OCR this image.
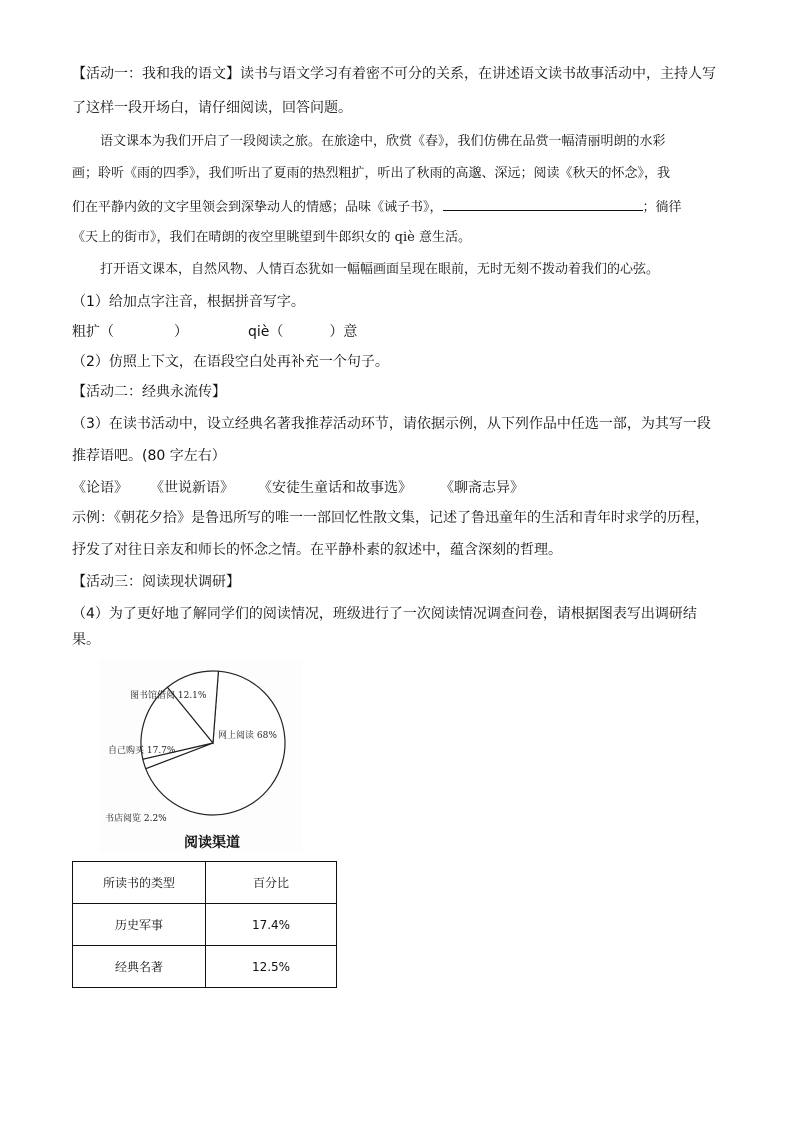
【活动一：我和我的语文】读书与语文学习有着密不可分的关系，在讲述语文读书故事活动中，主持人写
了这样一段开场白，请仔细阅读，回答问题。
语文课本为我们开启了一段阅读之旅。在旅途中，欣赏《春》，我们仿佛在品赏一幅清丽明朗的水彩
画；聆听《雨的四季》，我们听出了夏雨的热烈粗扩，听出了秋雨的高邈、深远；阅读《秋天的怀念》，我
们在平静内敛的文字里领会到深挚动人的情感；品味《诫子书》，	；徜徉
《天上的街市》，我们在晴朗的夜空里眺望到牛郎织女的 qiè 意生活。
打开语文课本，自然风物、人情百态犹如一幅幅画面呈现在眼前，无时无刻不拨动着我们的心弦。
（1）给加点字注音，根据拼音写字。
粗扩（	）	qiè（	）意
（2）仿照上下文，在语段空白处再补充一个句子。
【活动二：经典永流传】
（3）在读书活动中，设立经典名著我推荐活动环节，请依据示例，从下列作品中任选一部，为其写一段
推荐语吧。(80 字左右）
《论语》 《世说新语》 《安徒生童话和故事选》 《聊斋志异》
示例：《朝花夕拾》是鲁迅所写的唯一一部回忆性散文集，记述了鲁迅童年的生活和青年时求学的历程，
抒发了对往日亲友和师长的怀念之情。在平静朴素的叙述中，蕴含深刻的哲理。
【活动三：阅读现状调研】
（4）为了更好地了解同学们的阅读情况，班级进行了一次阅读情况调查问卷，请根据图表写出调研结
果。
网上阅读 68%
书店阅览 2.2%
自己购买 17.7%
图书馆借阅 12.1%
阅读渠道
所读书的类型	百分比
历史军事	17.4%
经典名著	12.5%
